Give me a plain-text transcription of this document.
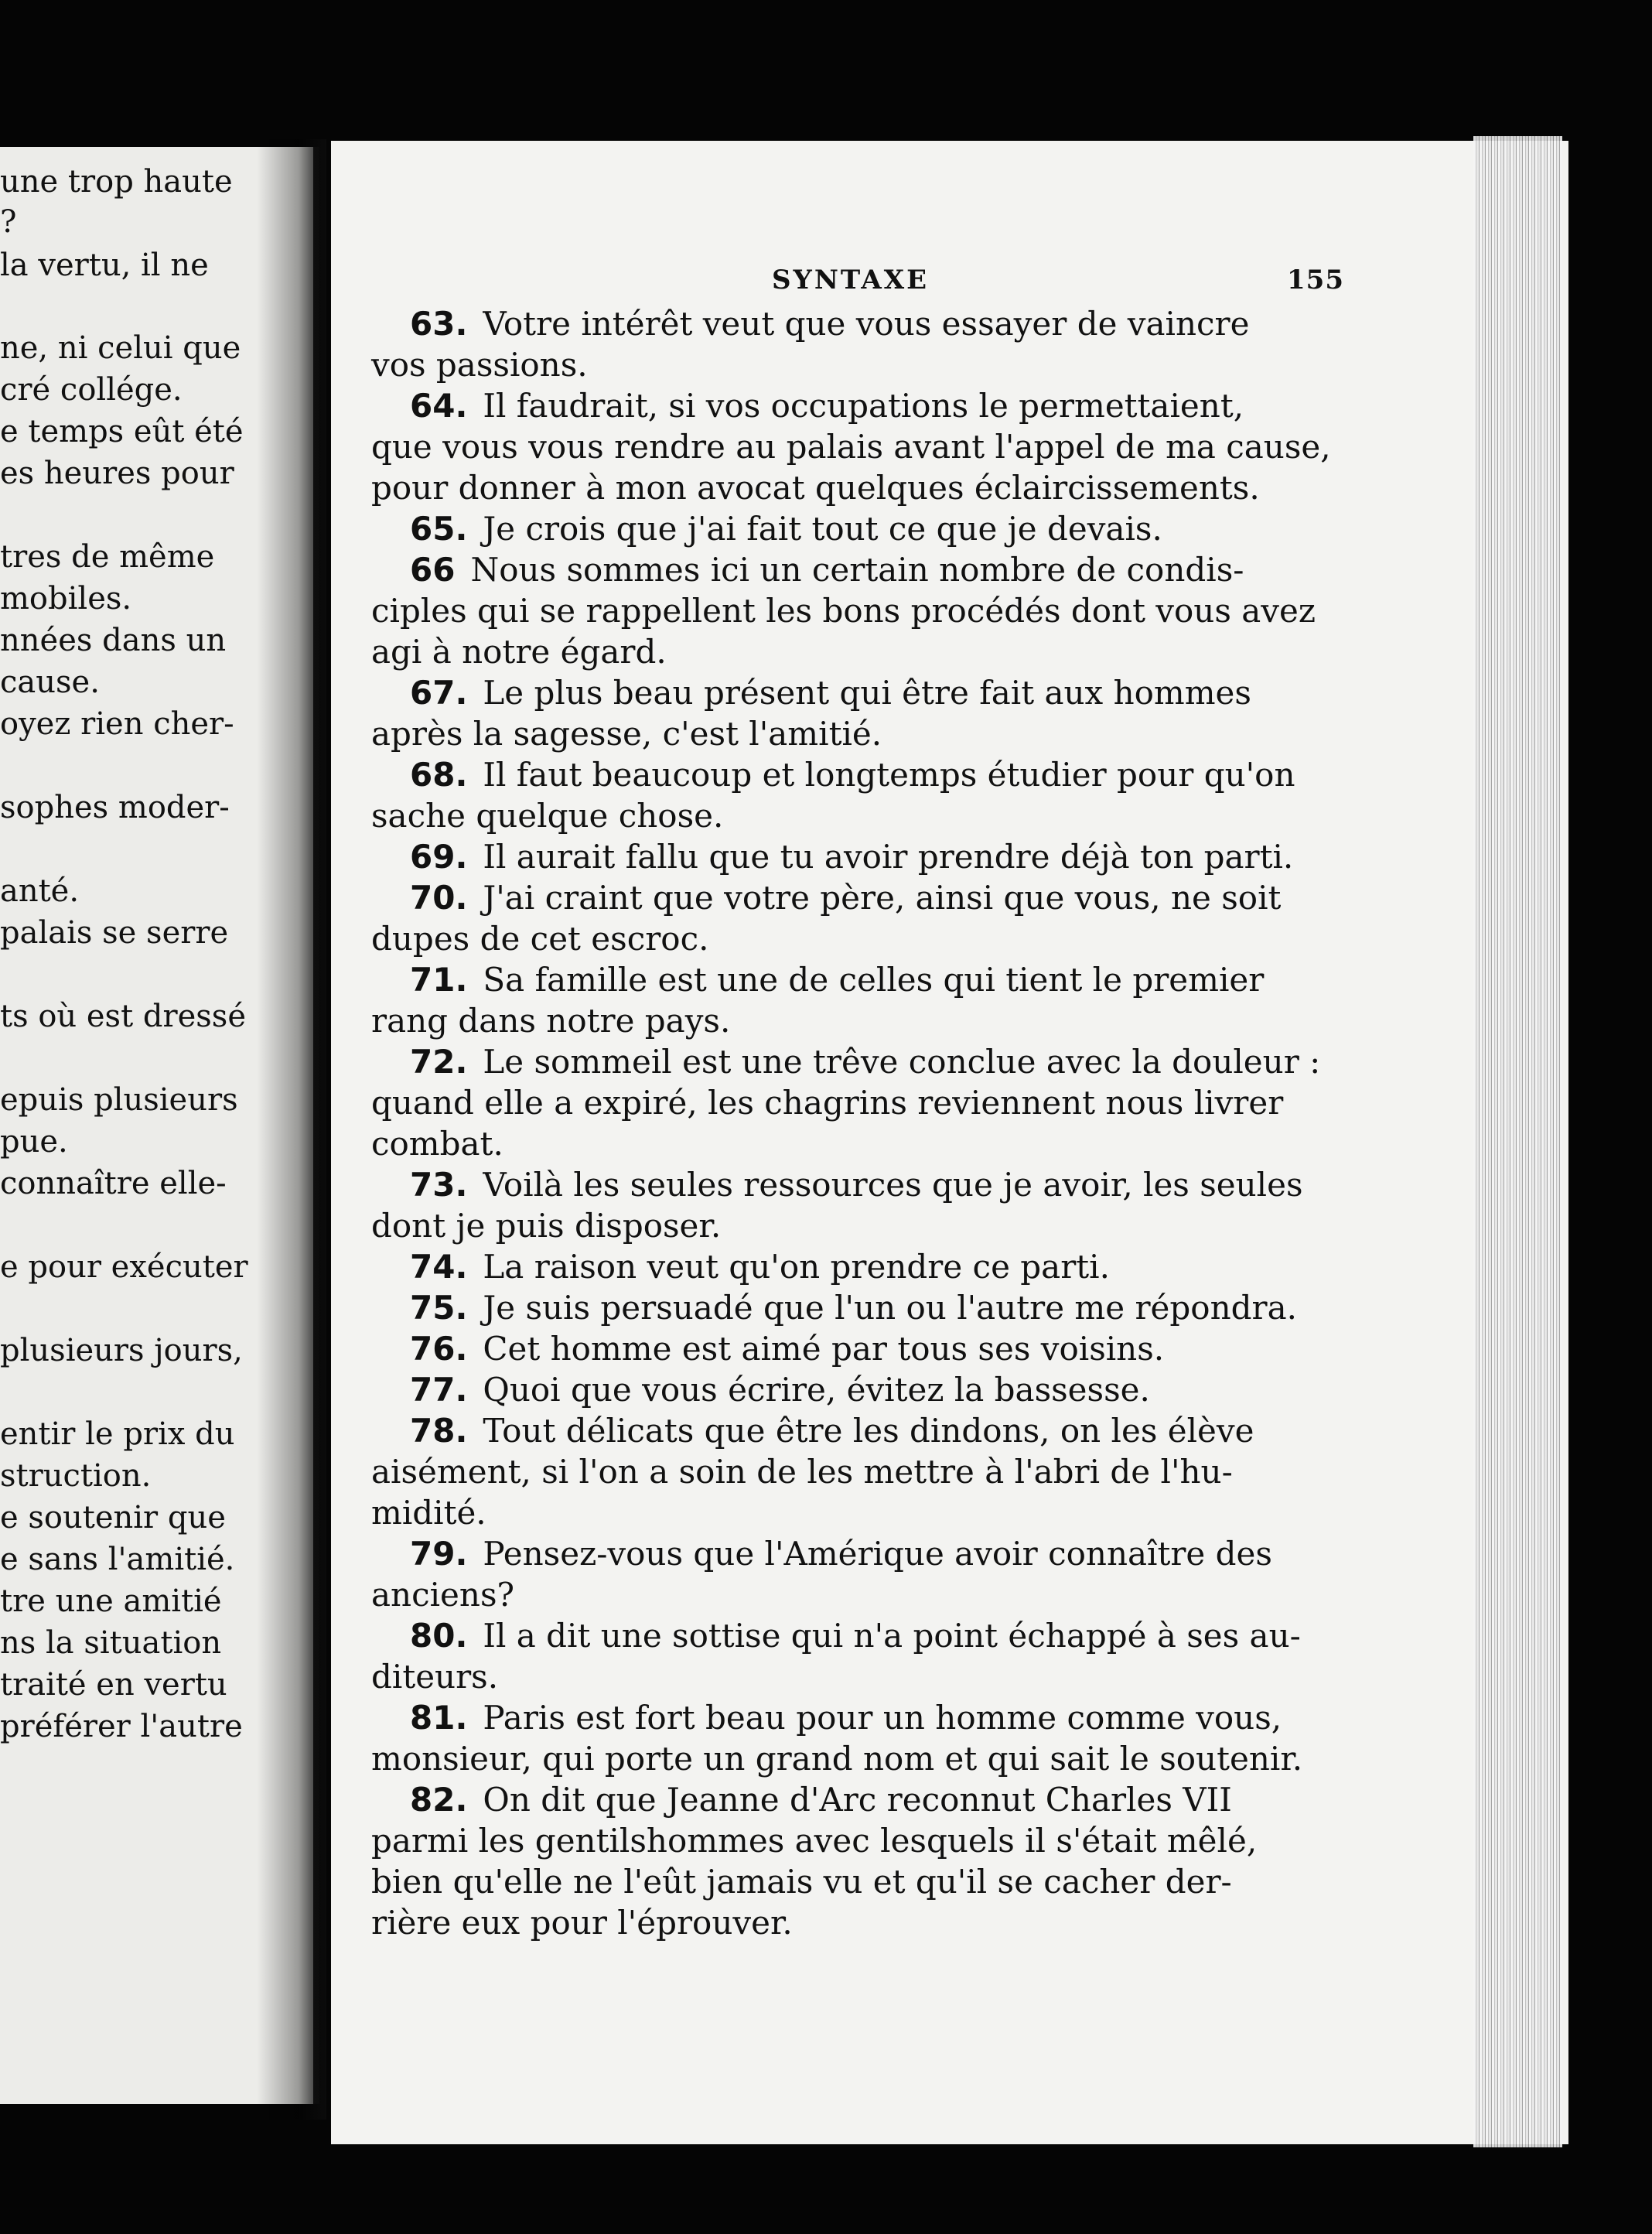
une trop haute
?
la vertu, il ne
ne, ni celui que
cré collége.
e temps eût été
es heures pour
tres de même
mobiles.
nnées dans un
cause.
oyez rien cher-
sophes moder-
anté.
palais se serre
ts où est dressé
epuis plusieurs
pue.
connaître elle-
e pour exécuter
plusieurs jours,
entir le prix du
struction.
e soutenir que
e sans l'amitié.
tre une amitié
ns la situation
traité en vertu
préférer l'autre
SYNTAXE	155
63. Votre intérêt veut que vous essayer de vaincre
vos passions.
64. Il faudrait, si vos occupations le permettaient,
que vous vous rendre au palais avant l'appel de ma cause,
pour donner à mon avocat quelques éclaircissements.
65. Je crois que j'ai fait tout ce que je devais.
66 Nous sommes ici un certain nombre de condis-
ciples qui se rappellent les bons procédés dont vous avez
agi à notre égard.
67. Le plus beau présent qui être fait aux hommes
après la sagesse, c'est l'amitié.
68. Il faut beaucoup et longtemps étudier pour qu'on
sache quelque chose.
69. Il aurait fallu que tu avoir prendre déjà ton parti.
70. J'ai craint que votre père, ainsi que vous, ne soit
dupes de cet escroc.
71. Sa famille est une de celles qui tient le premier
rang dans notre pays.
72. Le sommeil est une trêve conclue avec la douleur :
quand elle a expiré, les chagrins reviennent nous livrer
combat.
73. Voilà les seules ressources que je avoir, les seules
dont je puis disposer.
74. La raison veut qu'on prendre ce parti.
75. Je suis persuadé que l'un ou l'autre me répondra.
76. Cet homme est aimé par tous ses voisins.
77. Quoi que vous écrire, évitez la bassesse.
78. Tout délicats que être les dindons, on les élève
aisément, si l'on a soin de les mettre à l'abri de l'hu-
midité.
79. Pensez-vous que l'Amérique avoir connaître des
anciens?
80. Il a dit une sottise qui n'a point échappé à ses au-
diteurs.
81. Paris est fort beau pour un homme comme vous,
monsieur, qui porte un grand nom et qui sait le soutenir.
82. On dit que Jeanne d'Arc reconnut Charles VII
parmi les gentilshommes avec lesquels il s'était mêlé,
bien qu'elle ne l'eût jamais vu et qu'il se cacher der-
rière eux pour l'éprouver.
